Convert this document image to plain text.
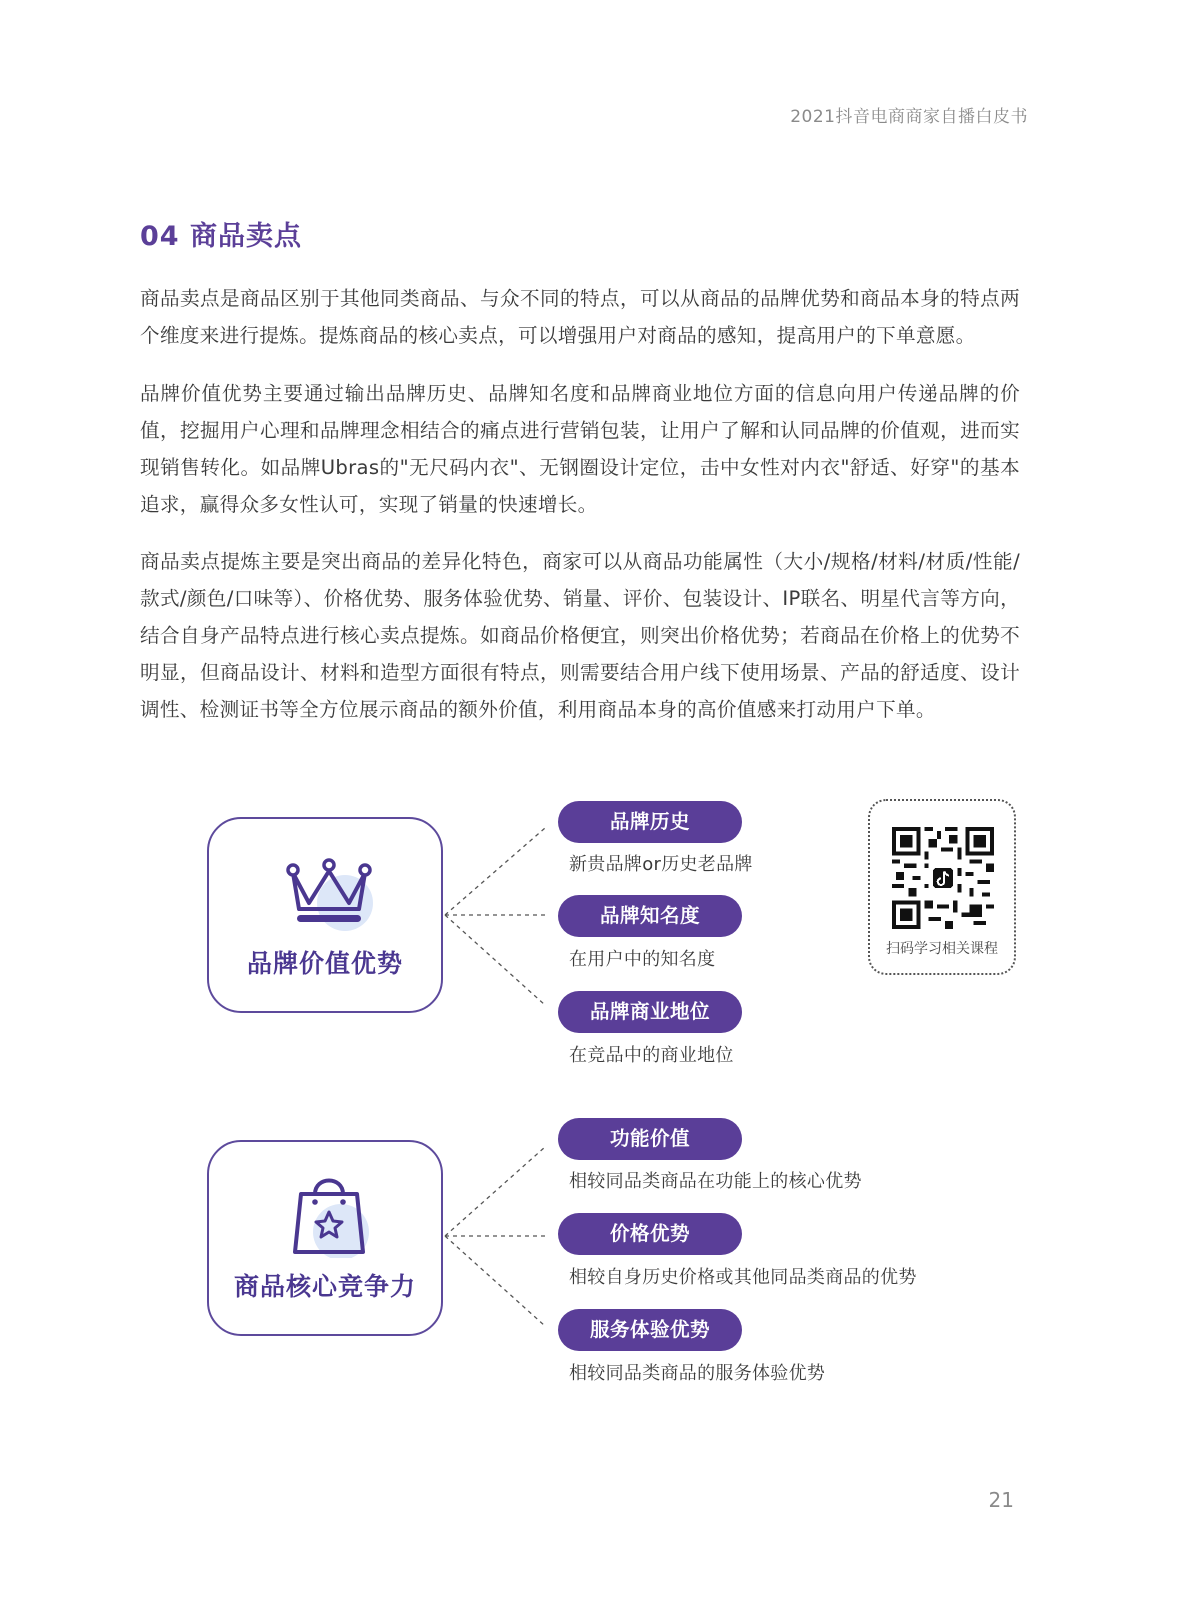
2021抖音电商商家自播白皮书
04 商品卖点

商品卖点是商品区别于其他同类商品、与众不同的特点，可以从商品的品牌优势和商品本身的特点两个维度来进行提炼。提炼商品的核心卖点，可以增强用户对商品的感知，提高用户的下单意愿。

品牌价值优势主要通过输出品牌历史、品牌知名度和品牌商业地位方面的信息向用户传递品牌的价值，挖掘用户心理和品牌理念相结合的痛点进行营销包装，让用户了解和认同品牌的价值观，进而实现销售转化。如品牌Ubras的"无尺码内衣"、无钢圈设计定位，击中女性对内衣"舒适、好穿"的基本追求，赢得众多女性认可，实现了销量的快速增长。

商品卖点提炼主要是突出商品的差异化特色，商家可以从商品功能属性（大小/规格/材料/材质/性能/款式/颜色/口味等）、价格优势、服务体验优势、销量、评价、包装设计、IP联名、明星代言等方向，结合自身产品特点进行核心卖点提炼。如商品价格便宜，则突出价格优势；若商品在价格上的优势不明显，但商品设计、材料和造型方面很有特点，则需要结合用户线下使用场景、产品的舒适度、设计调性、检测证书等全方位展示商品的额外价值，利用商品本身的高价值感来打动用户下单。

品牌价值优势
品牌历史
新贵品牌or历史老品牌
品牌知名度
在用户中的知名度
品牌商业地位
在竞品中的商业地位
商品核心竞争力
功能价值
相较同品类商品在功能上的核心优势
价格优势
相较自身历史价格或其他同品类商品的优势
服务体验优势
相较同品类商品的服务体验优势
扫码学习相关课程
21
